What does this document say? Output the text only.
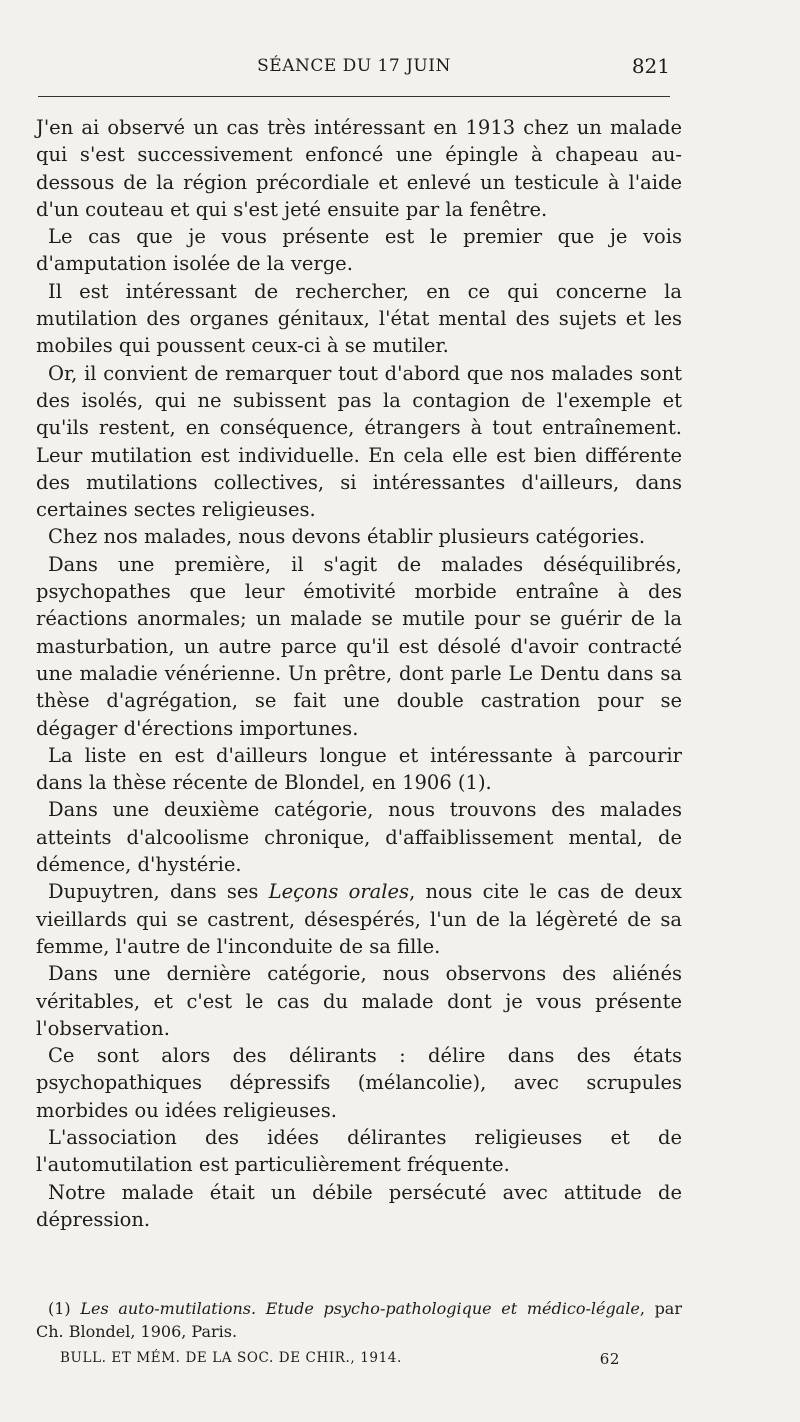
SÉANCE DU 17 JUIN	821

J'en ai observé un cas très intéressant en 1913 chez un malade qui s'est successivement enfoncé une épingle à chapeau au-dessous de la région précordiale et enlevé un testicule à l'aide d'un couteau et qui s'est jeté ensuite par la fenêtre.

Le cas que je vous présente est le premier que je vois d'amputation isolée de la verge.

Il est intéressant de rechercher, en ce qui concerne la mutilation des organes génitaux, l'état mental des sujets et les mobiles qui poussent ceux-ci à se mutiler.

Or, il convient de remarquer tout d'abord que nos malades sont des isolés, qui ne subissent pas la contagion de l'exemple et qu'ils restent, en conséquence, étrangers à tout entraînement. Leur mutilation est individuelle. En cela elle est bien différente des mutilations collectives, si intéressantes d'ailleurs, dans certaines sectes religieuses.

Chez nos malades, nous devons établir plusieurs catégories.

Dans une première, il s'agit de malades déséquilibrés, psychopathes que leur émotivité morbide entraîne à des réactions anormales; un malade se mutile pour se guérir de la masturbation, un autre parce qu'il est désolé d'avoir contracté une maladie vénérienne. Un prêtre, dont parle Le Dentu dans sa thèse d'agrégation, se fait une double castration pour se dégager d'érections importunes.

La liste en est d'ailleurs longue et intéressante à parcourir dans la thèse récente de Blondel, en 1906 (1).

Dans une deuxième catégorie, nous trouvons des malades atteints d'alcoolisme chronique, d'affaiblissement mental, de démence, d'hystérie.

Dupuytren, dans ses Leçons orales, nous cite le cas de deux vieillards qui se castrent, désespérés, l'un de la légèreté de sa femme, l'autre de l'inconduite de sa fille.

Dans une dernière catégorie, nous observons des aliénés véritables, et c'est le cas du malade dont je vous présente l'observation.

Ce sont alors des délirants : délire dans des états psychopathiques dépressifs (mélancolie), avec scrupules morbides ou idées religieuses.

L'association des idées délirantes religieuses et de l'automutilation est particulièrement fréquente.

Notre malade était un débile persécuté avec attitude de dépression.

(1) Les auto-mutilations. Etude psycho-pathologique et médico-légale, par Ch. Blondel, 1906, Paris.
BULL. ET MÉM. DE LA SOC. DE CHIR., 1914.	62
